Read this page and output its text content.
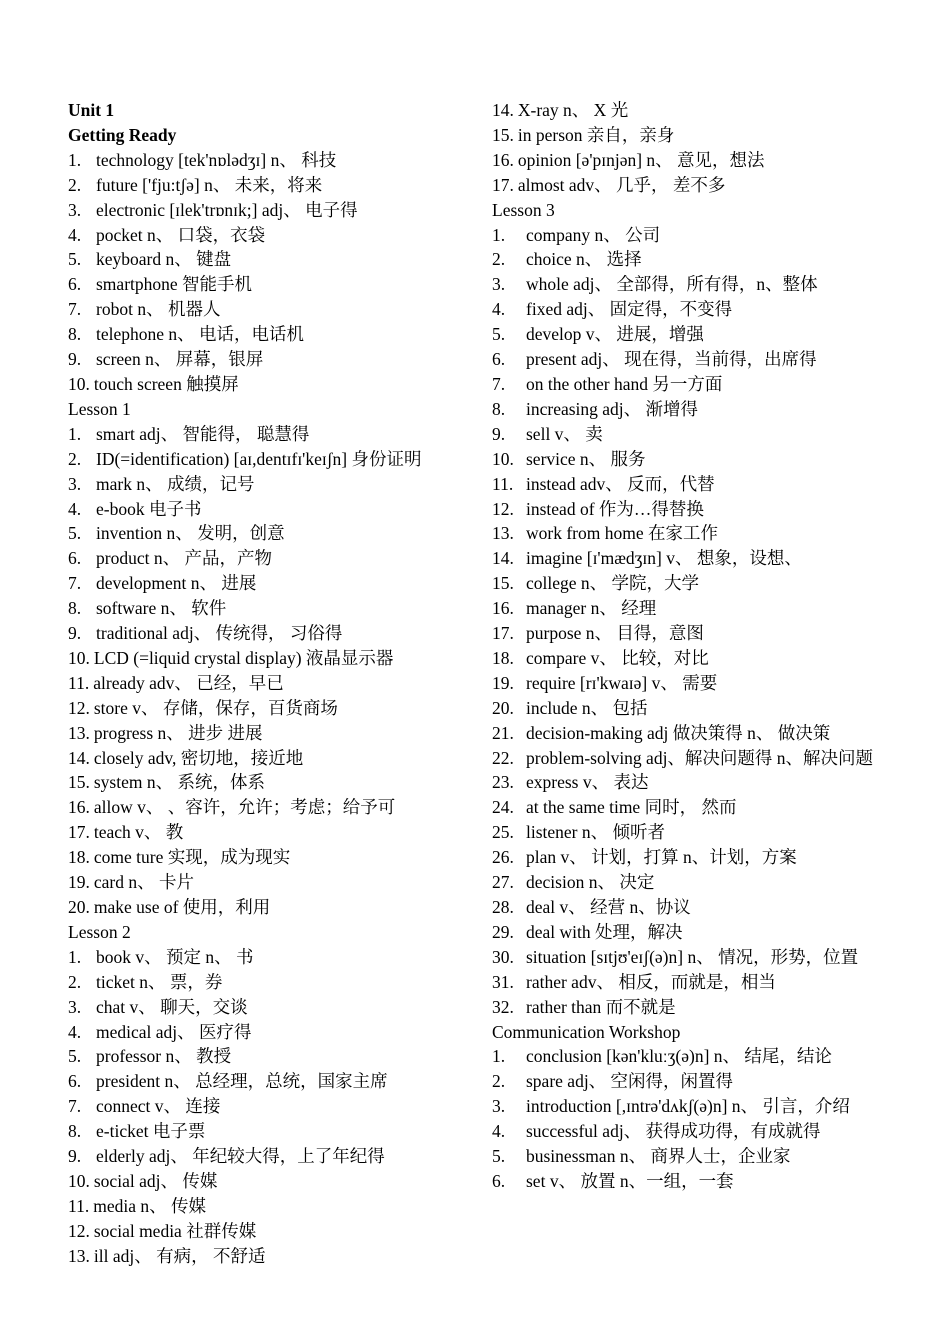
Unit 1
Getting Ready
1. technology [tek'nɒlədʒɪ] n、 科技
2. future ['fju:tʃə] n、 未来，将来
3. electronic [ɪlek'trɒnɪk;] adj、 电子得
4. pocket n、 口袋，衣袋
5. keyboard n、 键盘
6. smartphone 智能手机
7. robot n、 机器人
8. telephone n、 电话，电话机
9. screen n、 屏幕，银屏
10. touch screen 触摸屏
Lesson 1
1. smart adj、 智能得， 聪慧得
2. ID(=identification) [aɪ,dentɪfɪ'keɪʃn] 身份证明
3. mark n、 成绩，记号
4. e-book 电子书
5. invention n、 发明，创意
6. product n、 产品，产物
7. development n、 进展
8. software n、 软件
9. traditional adj、 传统得， 习俗得
10. LCD (=liquid crystal display) 液晶显示器
11. already adv、 已经，早已
12. store v、 存储，保存，百货商场
13. progress n、 进步 进展
14. closely adv, 密切地，接近地
15. system n、 系统，体系
16. allow v、 、容许，允许；考虑；给予可
17. teach v、 教
18. come ture 实现，成为现实
19. card n、 卡片
20. make use of 使用，利用
Lesson 2
1. book v、 预定 n、 书
2. ticket n、 票，券
3. chat v、 聊天，交谈
4. medical adj、 医疗得
5. professor n、 教授
6. president n、 总经理，总统，国家主席
7. connect v、 连接
8. e-ticket 电子票
9. elderly adj、 年纪较大得，上了年纪得
10. social adj、 传媒
11. media n、 传媒
12. social media 社群传媒
13. ill adj、 有病， 不舒适
14. X-ray n、 X 光
15. in person 亲自，亲身
16. opinion [ə'pɪnjən] n、 意见，想法
17. almost adv、 几乎， 差不多
Lesson 3
1.	company n、 公司
2.	choice n、 选择
3.	whole adj、 全部得，所有得，n、整体
4.	fixed adj、 固定得，不变得
5.	develop v、 进展，增强
6.	present adj、 现在得，当前得，出席得
7.	on the other hand 另一方面
8.	increasing adj、 渐增得
9.	sell v、 卖
10. service n、 服务
11. instead adv、 反而，代替
12. instead of 作为…得替换
13. work from home 在家工作
14. imagine [ɪ'mædʒɪn] v、 想象，设想、
15. college n、 学院，大学
16. manager n、 经理
17. purpose n、 目得，意图
18. compare v、 比较，对比
19. require [rɪ'kwaɪə] v、 需要
20. include n、 包括
21. decision-making adj 做决策得 n、 做决策
22. problem-solving adj、解决问题得 n、解决问题
23. express v、 表达
24. at the same time 同时， 然而
25. listener n、 倾听者
26. plan v、 计划，打算 n、计划，方案
27. decision n、 决定
28. deal v、 经营 n、协议
29. deal with 处理，解决
30. situation [sɪtjʊ'eɪʃ(ə)n] n、 情况，形势，位置
31. rather adv、 相反，而就是，相当
32. rather than 而不就是
Communication Workshop
1.	conclusion [kən'kluːʒ(ə)n] n、 结尾，结论
2.	spare adj、 空闲得，闲置得
3.	introduction [,ɪntrə'dʌkʃ(ə)n] n、 引言，介绍
4.	successful adj、 获得成功得，有成就得
5.	businessman n、 商界人士，企业家
6.	set v、 放置 n、一组，一套
